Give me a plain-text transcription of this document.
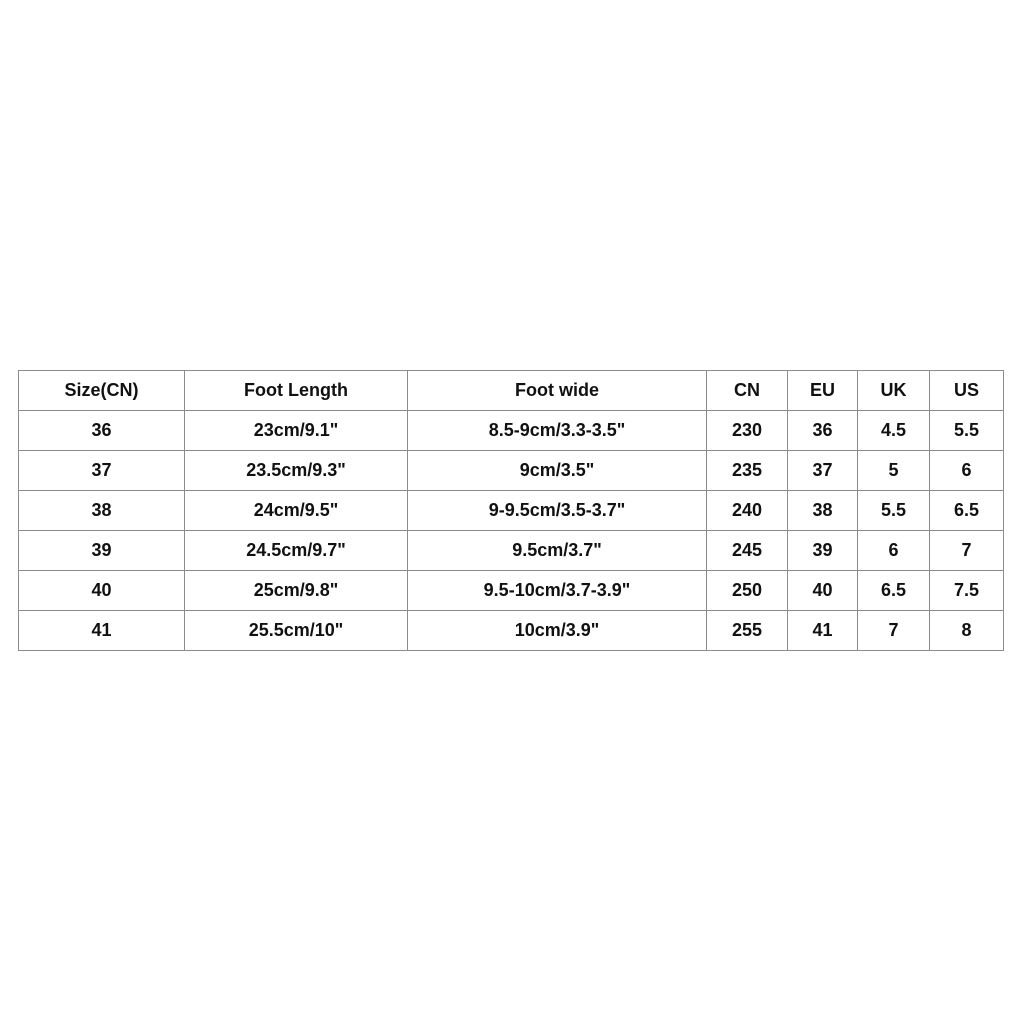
Size(CN)	Foot Length	Foot wide	CN	EU	UK	US
36	23cm/9.1"	8.5-9cm/3.3-3.5"	230	36	4.5	5.5
37	23.5cm/9.3"	9cm/3.5"	235	37	5	6
38	24cm/9.5"	9-9.5cm/3.5-3.7"	240	38	5.5	6.5
39	24.5cm/9.7"	9.5cm/3.7"	245	39	6	7
40	25cm/9.8"	9.5-10cm/3.7-3.9"	250	40	6.5	7.5
41	25.5cm/10"	10cm/3.9"	255	41	7	8
